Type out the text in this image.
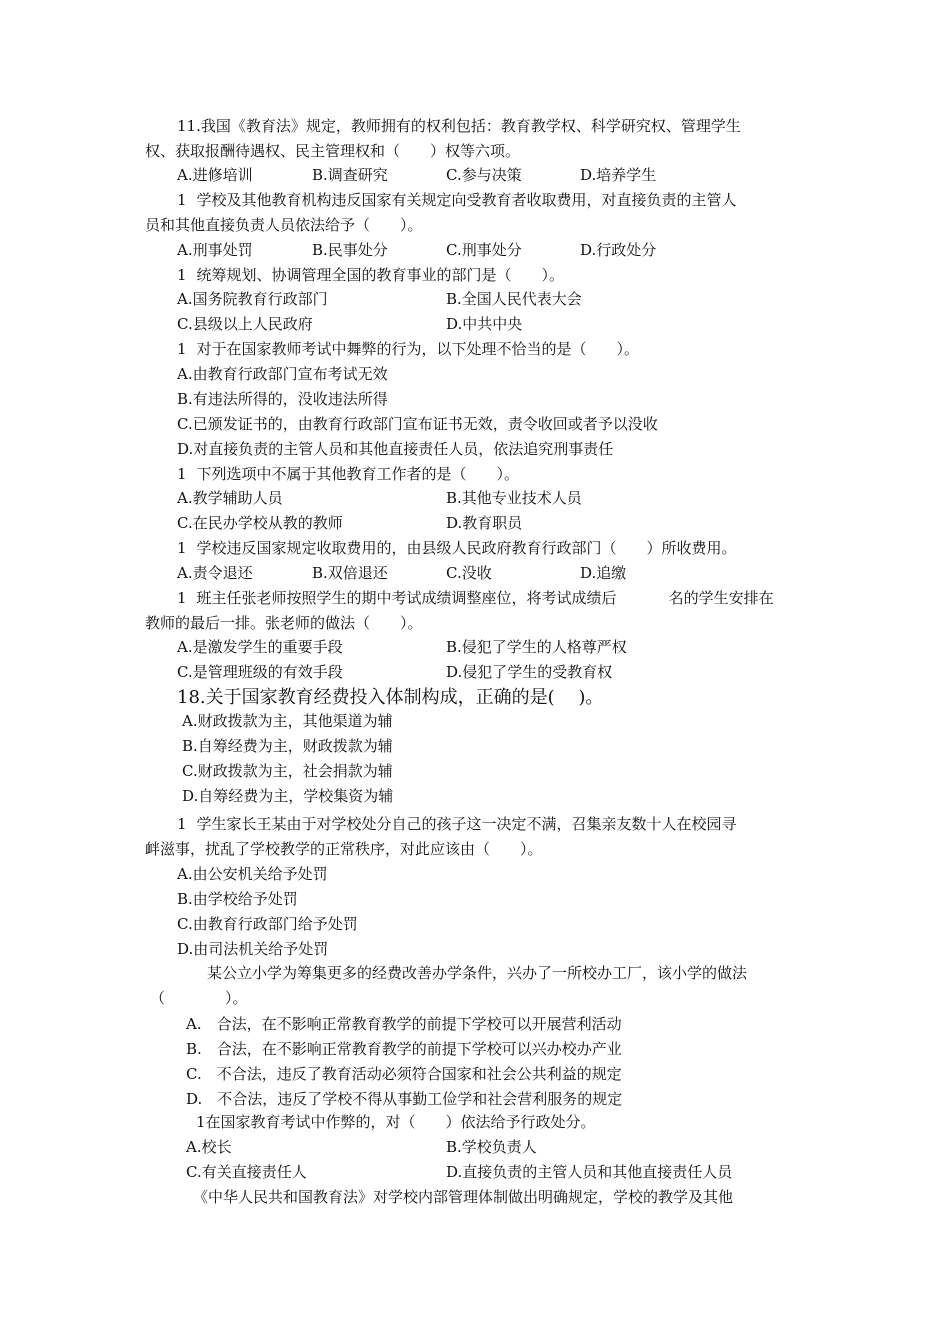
11.我国《教育法》规定，教师拥有的权利包括：教育教学权、科学研究权、管理学生
权、获取报酬待遇权、民主管理权和（　　）权等六项。
A.进修培训	B.调查研究	C.参与决策	D.培养学生
1 学校及其他教育机构违反国家有关规定向受教育者收取费用，对直接负责的主管人
员和其他直接负责人员依法给予（　　）。
A.刑事处罚	B.民事处分	C.刑事处分	D.行政处分
1 统筹规划、协调管理全国的教育事业的部门是（　　）。
A.国务院教育行政部门	B.全国人民代表大会
C.县级以上人民政府	D.中共中央
1 对于在国家教师考试中舞弊的行为，以下处理不恰当的是（　　）。
A.由教育行政部门宣布考试无效
B.有违法所得的，没收违法所得
C.已颁发证书的，由教育行政部门宣布证书无效，责令收回或者予以没收
D.对直接负责的主管人员和其他直接责任人员，依法追究刑事责任
1 下列选项中不属于其他教育工作者的是（　　）。
A.教学辅助人员	B.其他专业技术人员
C.在民办学校从教的教师	D.教育职员
1 学校违反国家规定收取费用的，由县级人民政府教育行政部门（　　）所收费用。
A.责令退还	B.双倍退还	C.没收	D.追缴
1 班主任张老师按照学生的期中考试成绩调整座位，将考试成绩后	名的学生安排在
教师的最后一排。张老师的做法（　　）。
A.是激发学生的重要手段	B.侵犯了学生的人格尊严权
C.是管理班级的有效手段	D.侵犯了学生的受教育权
18.关于国家教育经费投入体制构成，正确的是(　 )。
A.财政拨款为主，其他渠道为辅
B.自筹经费为主，财政拨款为辅
C.财政拨款为主，社会捐款为辅
D.自筹经费为主，学校集资为辅
1 学生家长王某由于对学校处分自己的孩子这一决定不满，召集亲友数十人在校园寻
衅滋事，扰乱了学校教学的正常秩序，对此应该由（　　）。
A.由公安机关给予处罚
B.由学校给予处罚
C.由教育行政部门给予处罚
D.由司法机关给予处罚
某公立小学为筹集更多的经费改善办学条件，兴办了一所校办工厂，该小学的做法
（　　　　）。
A.　合法，在不影响正常教育教学的前提下学校可以开展营利活动
B.　合法，在不影响正常教育教学的前提下学校可以兴办校办产业
C.　不合法，违反了教育活动必须符合国家和社会公共利益的规定
D.　不合法，违反了学校不得从事勤工俭学和社会营利服务的规定
1在国家教育考试中作弊的，对（　　）依法给予行政处分。
A.校长	B.学校负责人
C.有关直接责任人	D.直接负责的主管人员和其他直接责任人员
《中华人民共和国教育法》对学校内部管理体制做出明确规定，学校的教学及其他
